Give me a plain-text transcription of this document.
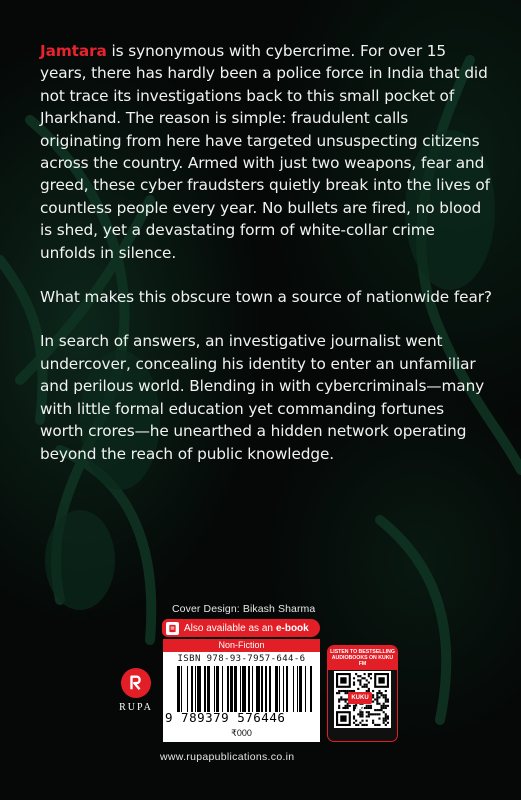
Jamtara is synonymous with cybercrime. For over 15 years, there has hardly been a police force in India that did not trace its investigations back to this small pocket of Jharkhand. The reason is simple: fraudulent calls originating from here have targeted unsuspecting citizens across the country. Armed with just two weapons, fear and greed, these cyber fraudsters quietly break into the lives of countless people every year. No bullets are fired, no blood is shed, yet a devastating form of white-collar crime unfolds in silence.

What makes this obscure town a source of nationwide fear?

In search of answers, an investigative journalist went undercover, concealing his identity to enter an unfamiliar and perilous world. Blending in with cybercriminals—many with little formal education yet commanding fortunes worth crores—he unearthed a hidden network operating beyond the reach of public knowledge.

Cover Design: Bikash Sharma
Also available as an e-book
Non-Fiction
ISBN 978-93-7957-644-6
9 789379 576446
₹000
RUPA
www.rupapublications.co.in
LISTEN TO BESTSELLING AUDIOBOOKS ON KUKU FM
KUKU FM
